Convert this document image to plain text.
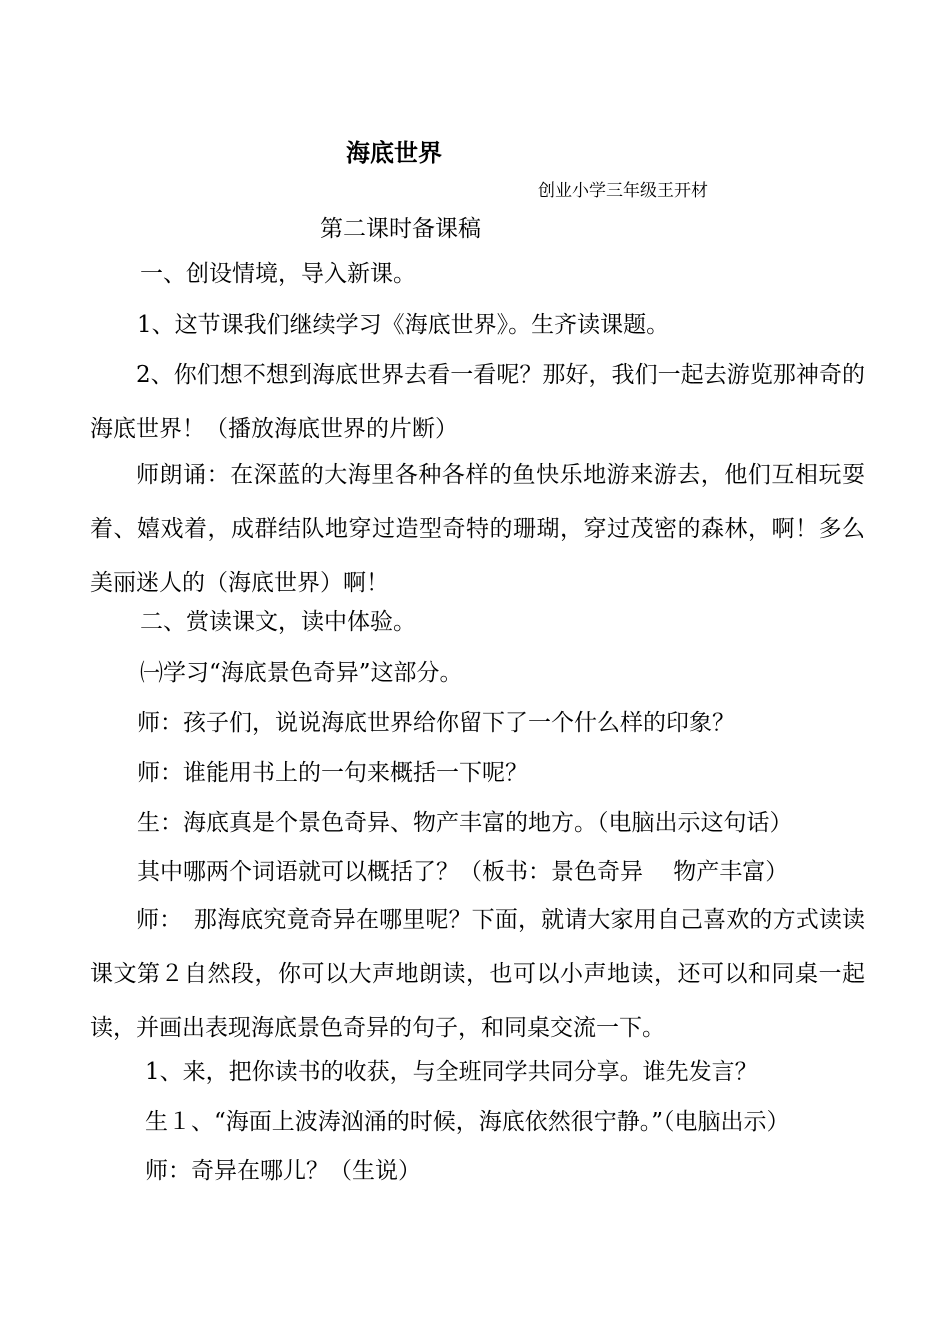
海底世界
创业小学三年级王开材
第二课时备课稿
一、创设情境，导入新课。
1、这节课我们继续学习《海底世界》。生齐读课题。
2、你们想不想到海底世界去看一看呢？那好，我们一起去游览那神奇的海底世界！（播放海底世界的片断）
师朗诵：在深蓝的大海里各种各样的鱼快乐地游来游去，他们互相玩耍着、嬉戏着，成群结队地穿过造型奇特的珊瑚，穿过茂密的森林，啊！多么美丽迷人的（海底世界）啊！
二、赏读课文，读中体验。
㈠学习“海底景色奇异”这部分。
师：孩子们，说说海底世界给你留下了一个什么样的印象？
师：谁能用书上的一句来概括一下呢？
生：海底真是个景色奇异、物产丰富的地方。（电脑出示这句话）
其中哪两个词语就可以概括了？（板书：景色奇异　 物产丰富）
师：　那海底究竟奇异在哪里呢？下面，就请大家用自己喜欢的方式读读课文第２自然段，你可以大声地朗读，也可以小声地读，还可以和同桌一起读，并画出表现海底景色奇异的句子，和同桌交流一下。
1、来，把你读书的收获，与全班同学共同分享。谁先发言？
生１、“海面上波涛汹涌的时候，海底依然很宁静。”（电脑出示）
师：奇异在哪儿？（生说）
